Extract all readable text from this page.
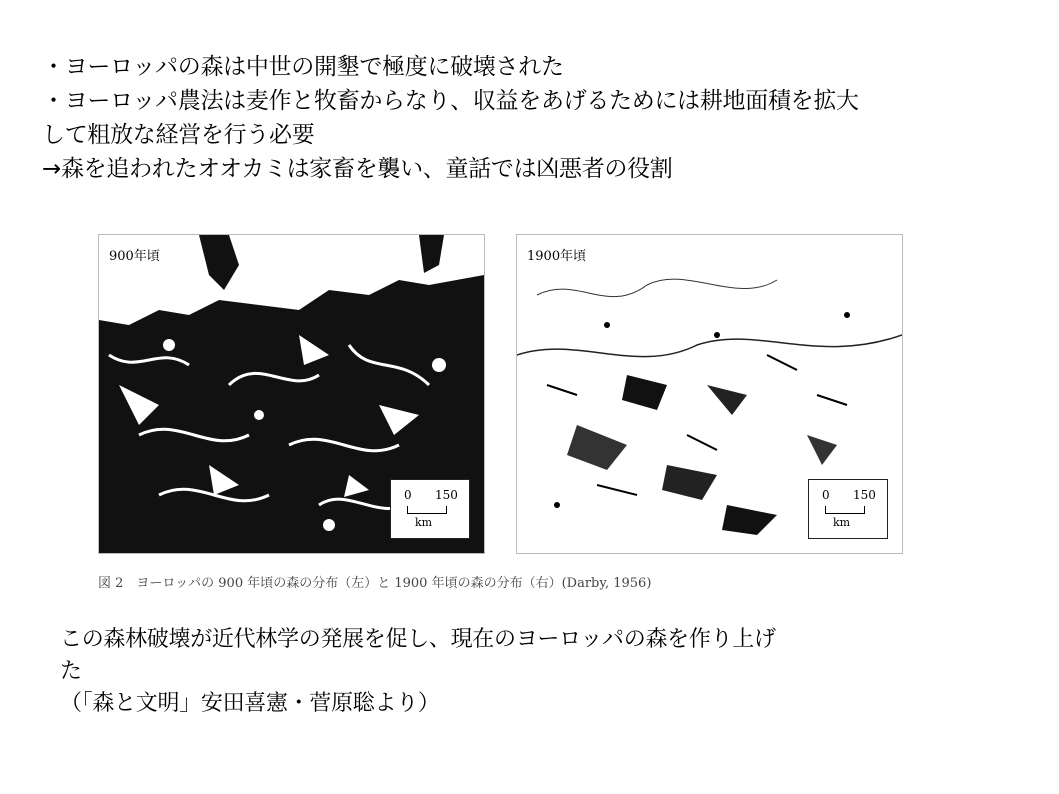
・ヨーロッパの森は中世の開墾で極度に破壊された
・ヨーロッパ農法は麦作と牧畜からなり、収益をあげるためには耕地面積を拡大
して粗放な経営を行う必要
→森を追われたオオカミは家畜を襲い、童話では凶悪者の役割
900年頃
0 150
km
1900年頃
0 150
km
図 2　ヨーロッパの 900 年頃の森の分布（左）と 1900 年頃の森の分布（右）(Darby, 1956)
この森林破壊が近代林学の発展を促し、現在のヨーロッパの森を作り上げ
た
（「森と文明」安田喜憲・菅原聡より）
